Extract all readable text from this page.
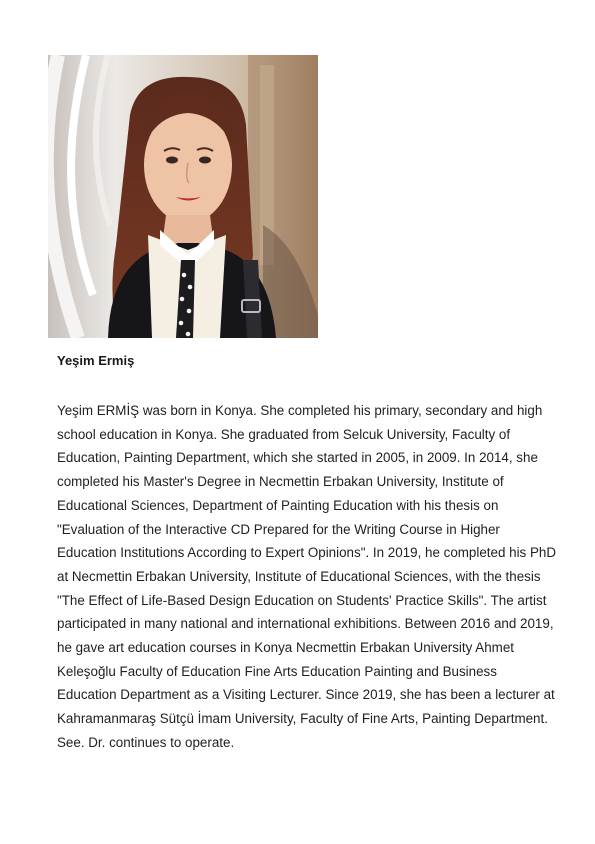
Yeşim Ermiş

Yeşim ERMİŞ was born in Konya. She completed his primary, secondary and high
school education in Konya. She graduated from Selcuk University, Faculty of
Education, Painting Department, which she started in 2005, in 2009. In 2014, she
completed his Master's Degree in Necmettin Erbakan University, Institute of
Educational Sciences, Department of Painting Education with his thesis on
"Evaluation of the Interactive CD Prepared for the Writing Course in Higher
Education Institutions According to Expert Opinions". In 2019, he completed his PhD
at Necmettin Erbakan University, Institute of Educational Sciences, with the thesis
"The Effect of Life-Based Design Education on Students' Practice Skills". The artist
participated in many national and international exhibitions. Between 2016 and 2019,
he gave art education courses in Konya Necmettin Erbakan University Ahmet
Keleşoğlu Faculty of Education Fine Arts Education Painting and Business
Education Department as a Visiting Lecturer. Since 2019, she has been a lecturer at
Kahramanmaraş Sütçü İmam University, Faculty of Fine Arts, Painting Department.
See. Dr. continues to operate.
